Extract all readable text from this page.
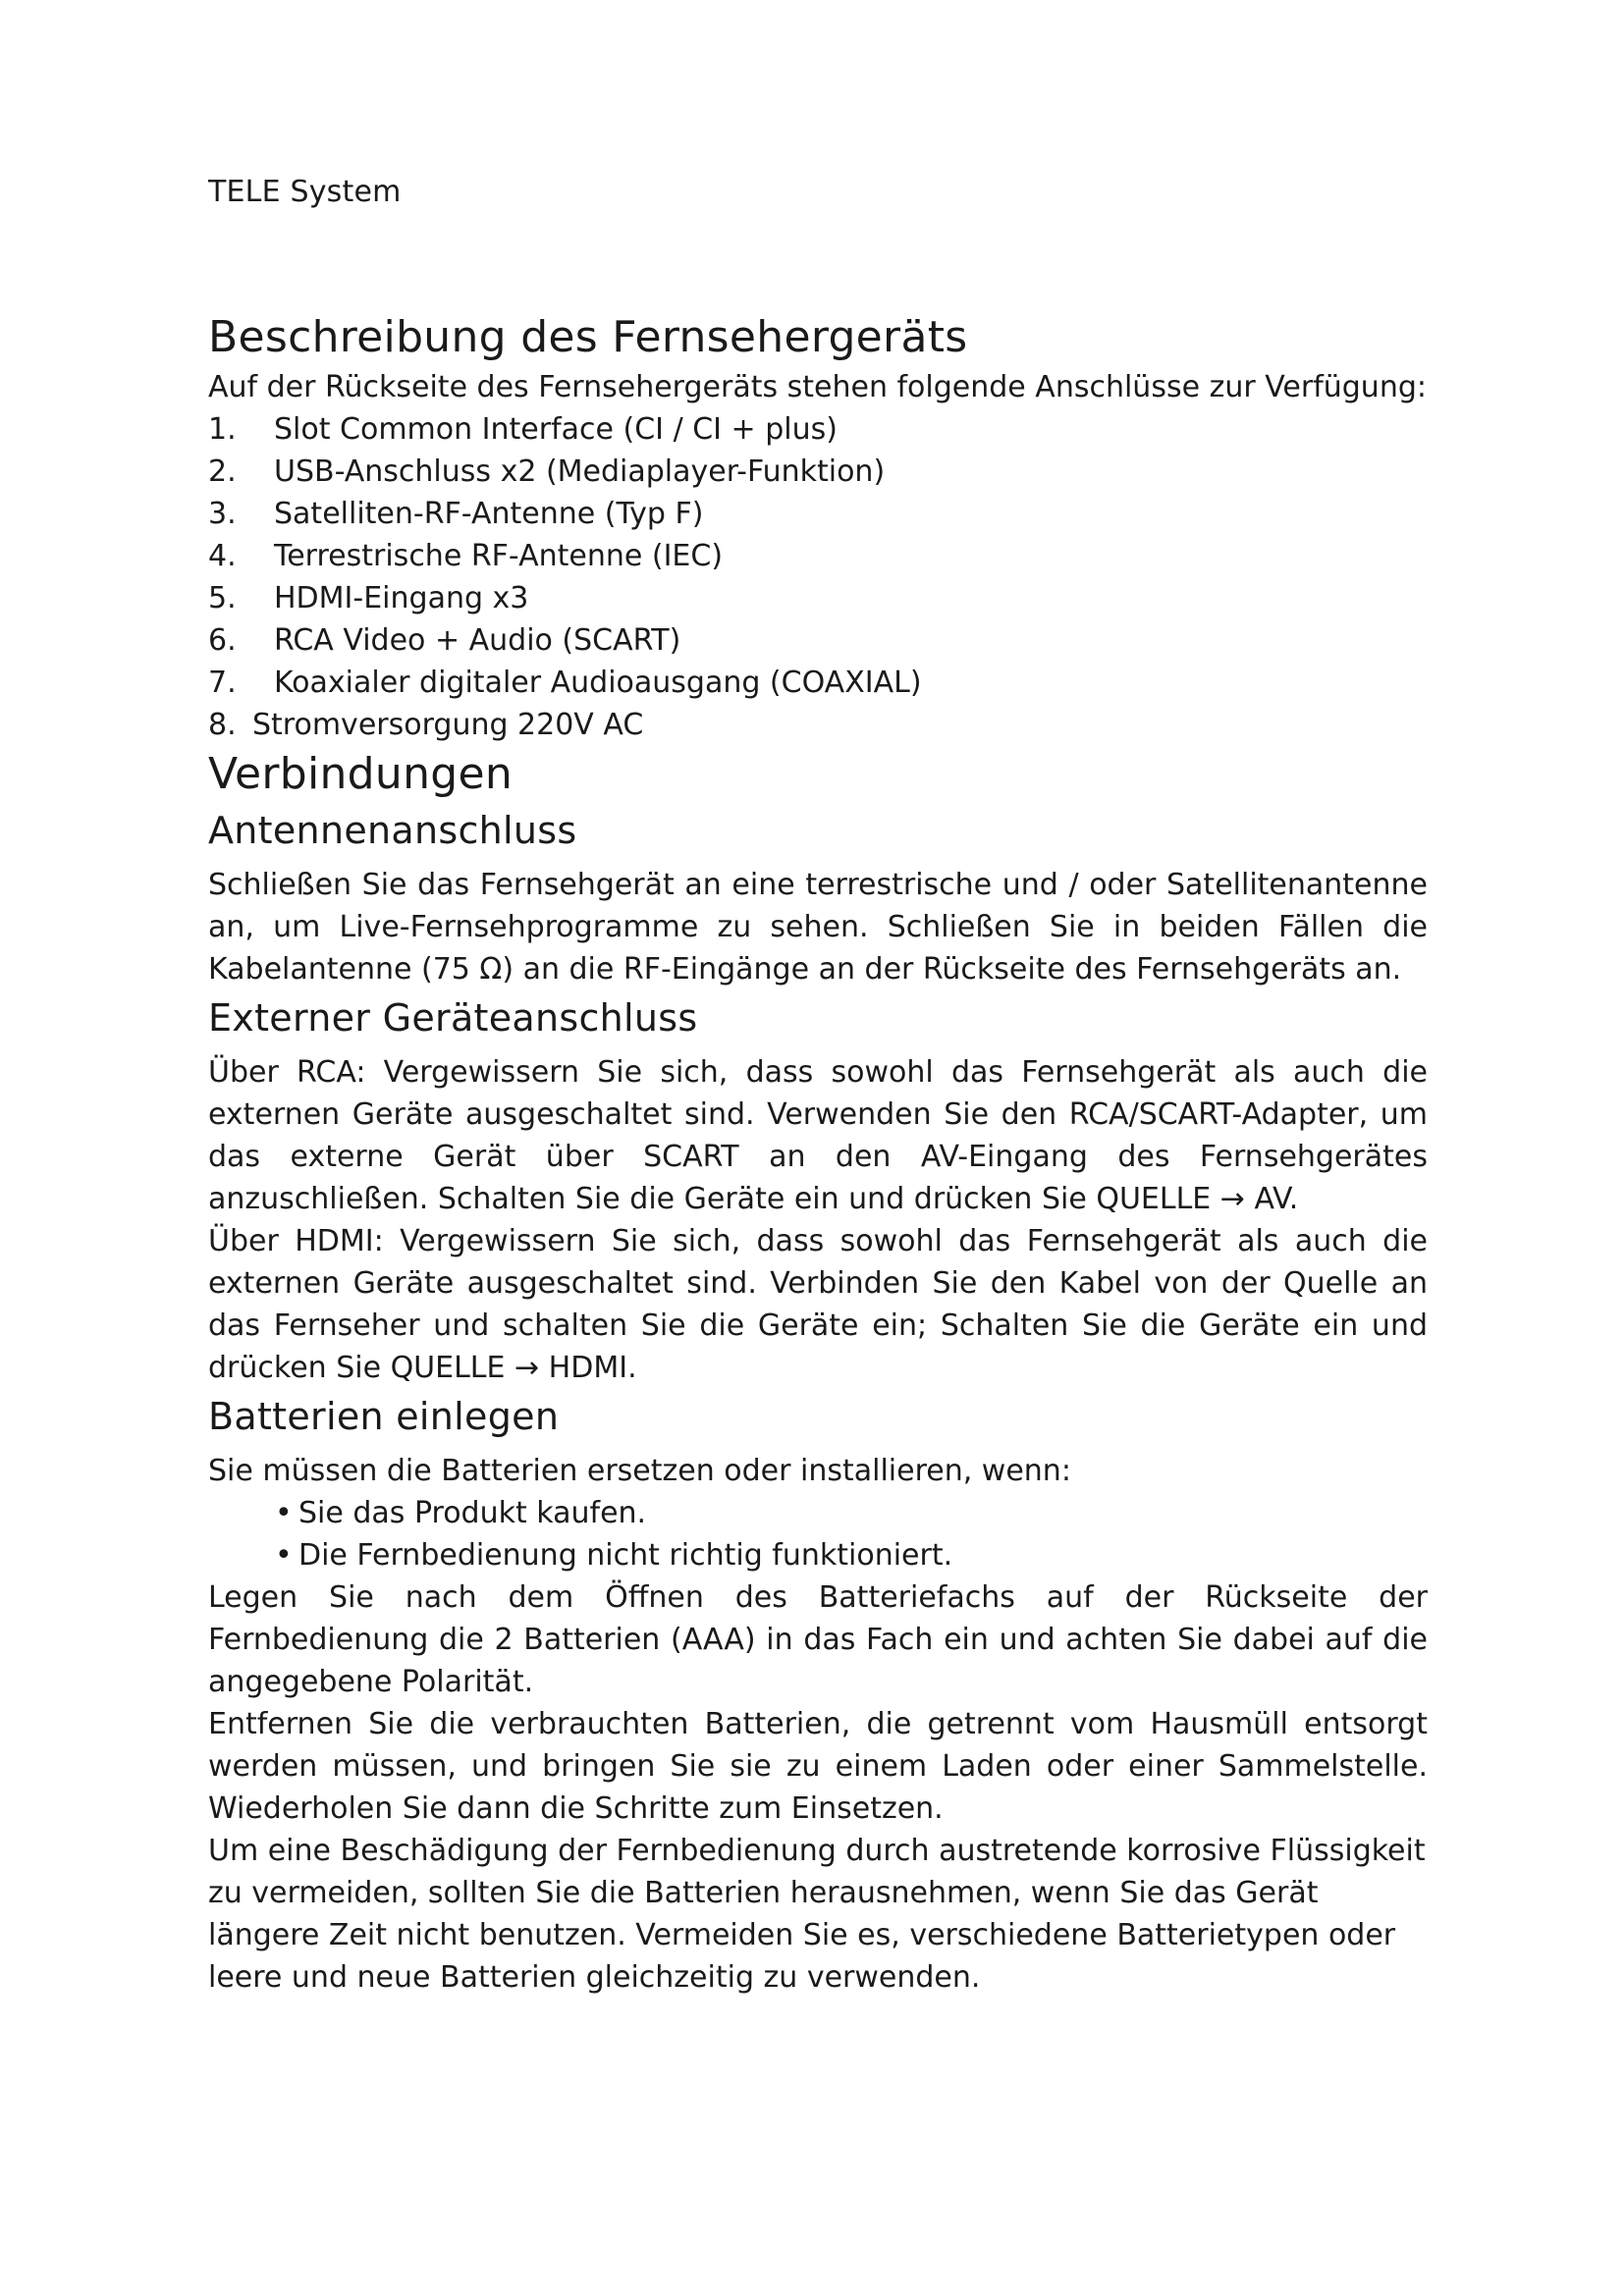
TELE System
Beschreibung des Fernsehergeräts

Auf der Rückseite des Fernsehergeräts stehen folgende Anschlüsse zur Verfügung:

1.	Slot Common Interface (CI / CI + plus)
2.	USB-Anschluss x2 (Mediaplayer-Funktion)
3.	Satelliten-RF-Antenne (Typ F)
4.	Terrestrische RF-Antenne (IEC)
5.	HDMI-Eingang x3
6.	RCA Video + Audio (SCART)
7.	Koaxialer digitaler Audioausgang (COAXIAL)
8. Stromversorgung 220V AC
Verbindungen
Antennenanschluss

Schließen Sie das Fernsehgerät an eine terrestrische und / oder Satellitenantenne an, um Live-Fernsehprogramme zu sehen. Schließen Sie in beiden Fällen die Kabelantenne (75 Ω) an die RF-Eingänge an der Rückseite des Fernsehgeräts an.

Externer Geräteanschluss

Über RCA: Vergewissern Sie sich, dass sowohl das Fernsehgerät als auch die externen Geräte ausgeschaltet sind. Verwenden Sie den RCA/SCART-Adapter, um das externe Gerät über SCART an den AV-Eingang des Fernsehgerätes anzuschließen. Schalten Sie die Geräte ein und drücken Sie QUELLE → AV.

Über HDMI: Vergewissern Sie sich, dass sowohl das Fernsehgerät als auch die externen Geräte ausgeschaltet sind. Verbinden Sie den Kabel von der Quelle an das Fernseher und schalten Sie die Geräte ein; Schalten Sie die Geräte ein und drücken Sie QUELLE → HDMI.

Batterien einlegen

Sie müssen die Batterien ersetzen oder installieren, wenn:

• Sie das Produkt kaufen.
• Die Fernbedienung nicht richtig funktioniert.

Legen Sie nach dem Öffnen des Batteriefachs auf der Rückseite der Fernbedienung die 2 Batterien (AAA) in das Fach ein und achten Sie dabei auf die angegebene Polarität.

Entfernen Sie die verbrauchten Batterien, die getrennt vom Hausmüll entsorgt werden müssen, und bringen Sie sie zu einem Laden oder einer Sammelstelle. Wiederholen Sie dann die Schritte zum Einsetzen.

Um eine Beschädigung der Fernbedienung durch austretende korrosive Flüssigkeit zu vermeiden, sollten Sie die Batterien herausnehmen, wenn Sie das Gerät längere Zeit nicht benutzen. Vermeiden Sie es, verschiedene Batterietypen oder leere und neue Batterien gleichzeitig zu verwenden.
